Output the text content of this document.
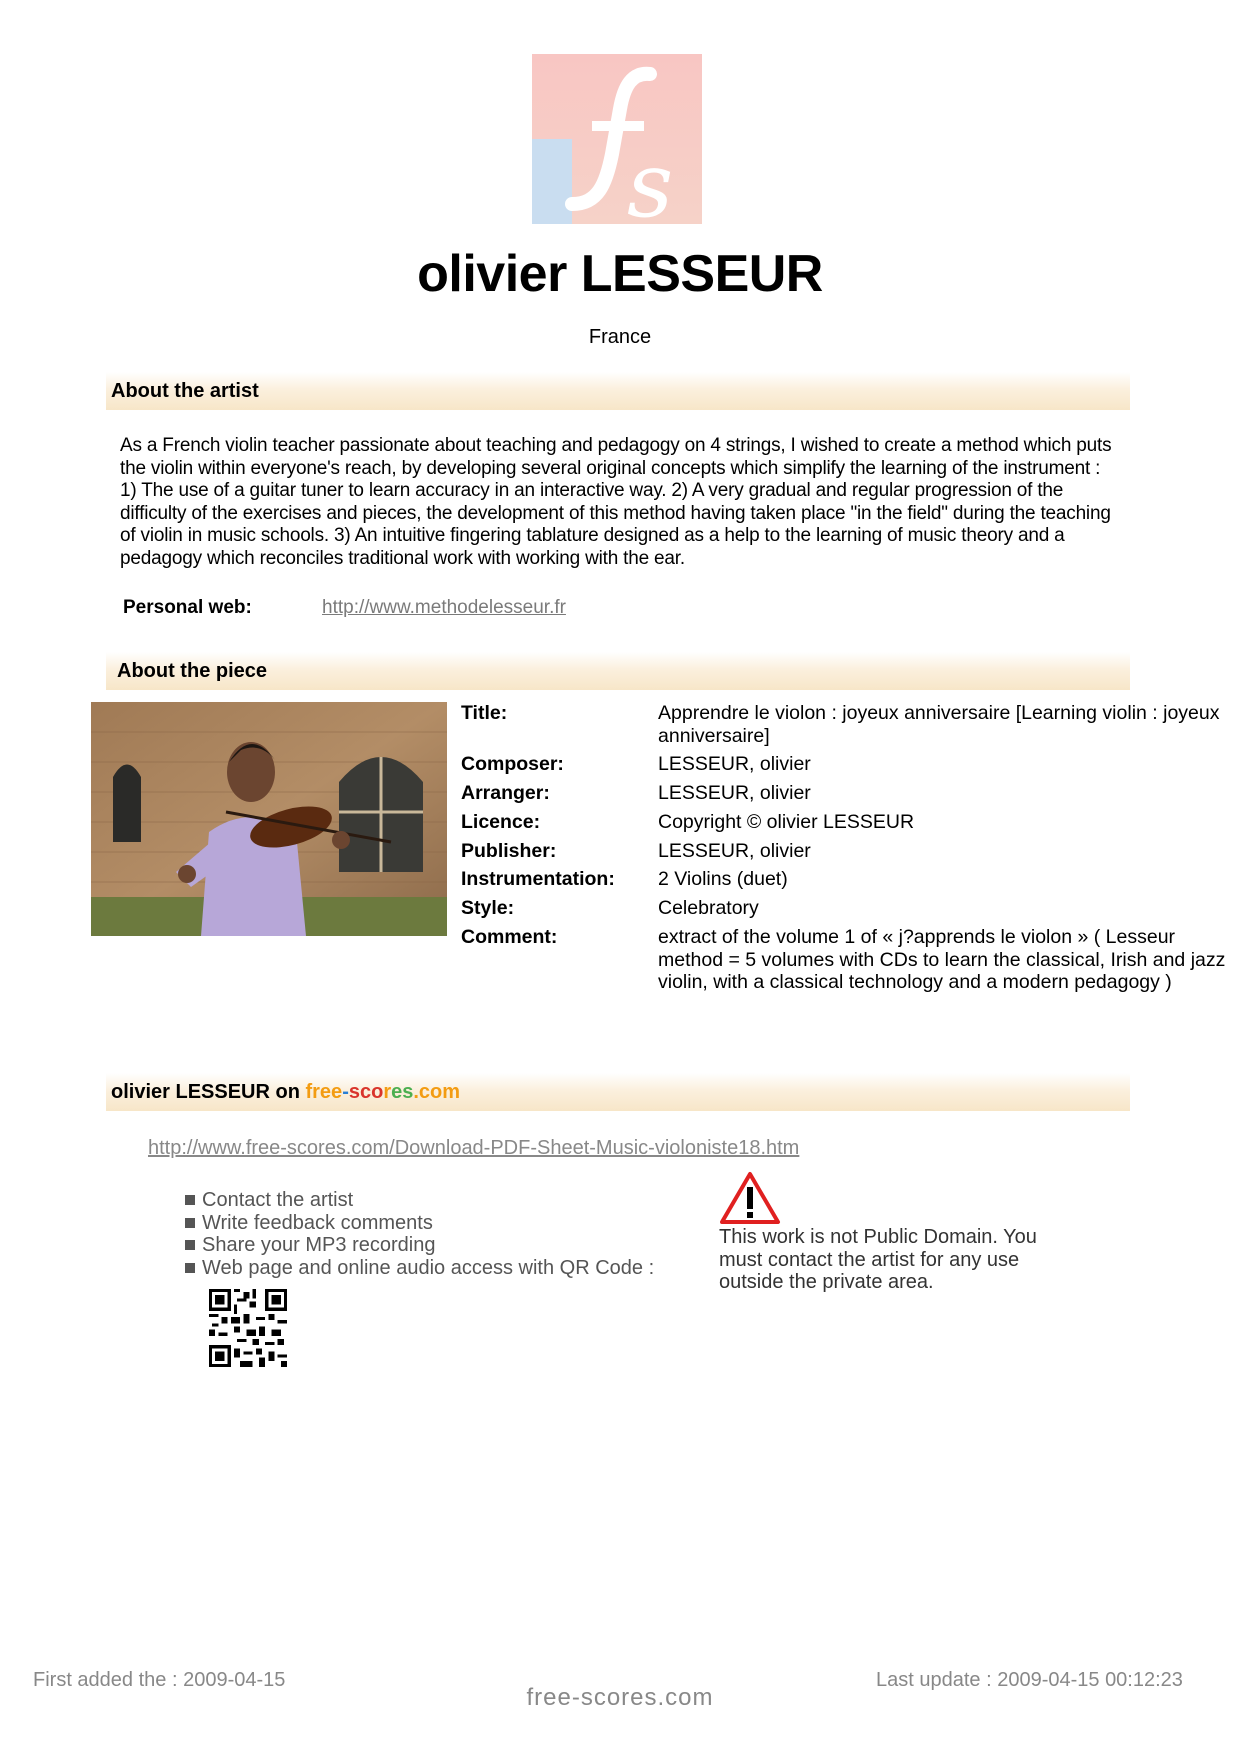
s
olivier LESSEUR
France
About the artist
As a French violin teacher passionate about teaching and pedagogy on 4 strings, I wished to create a method which puts the violin within everyone's reach, by developing several original concepts which simplify the learning of the instrument : 1) The use of a guitar tuner to learn accuracy in an interactive way. 2) A very gradual and regular progression of the difficulty of the exercises and pieces, the development of this method having taken place "in the field" during the teaching of violin in music schools. 3) An intuitive fingering tablature designed as a help to the learning of music theory and a pedagogy which reconciles traditional work with working with the ear.
Personal web:	http://www.methodelesseur.fr
About the piece
Title:	Apprendre le violon : joyeux anniversaire [Learning violin : joyeux anniversaire]
Composer:	LESSEUR, olivier
Arranger:	LESSEUR, olivier
Licence:	Copyright © olivier LESSEUR
Publisher:	LESSEUR, olivier
Instrumentation:	2 Violins (duet)
Style:	Celebratory
Comment:	extract of the volume 1 of « j?apprends le violon » ( Lesseur method = 5 volumes with CDs to learn the classical, Irish and jazz violin, with a classical technology and a modern pedagogy )
olivier LESSEUR on free-scores.com
http://www.free-scores.com/Download-PDF-Sheet-Music-violoniste18.htm
Contact the artist
Write feedback comments
Share your MP3 recording
Web page and online audio access with QR Code :
This work is not Public Domain. You must contact the artist for any use outside the private area.
First added the : 2009-04-15
free-scores.com
Last update : 2009-04-15 00:12:23
